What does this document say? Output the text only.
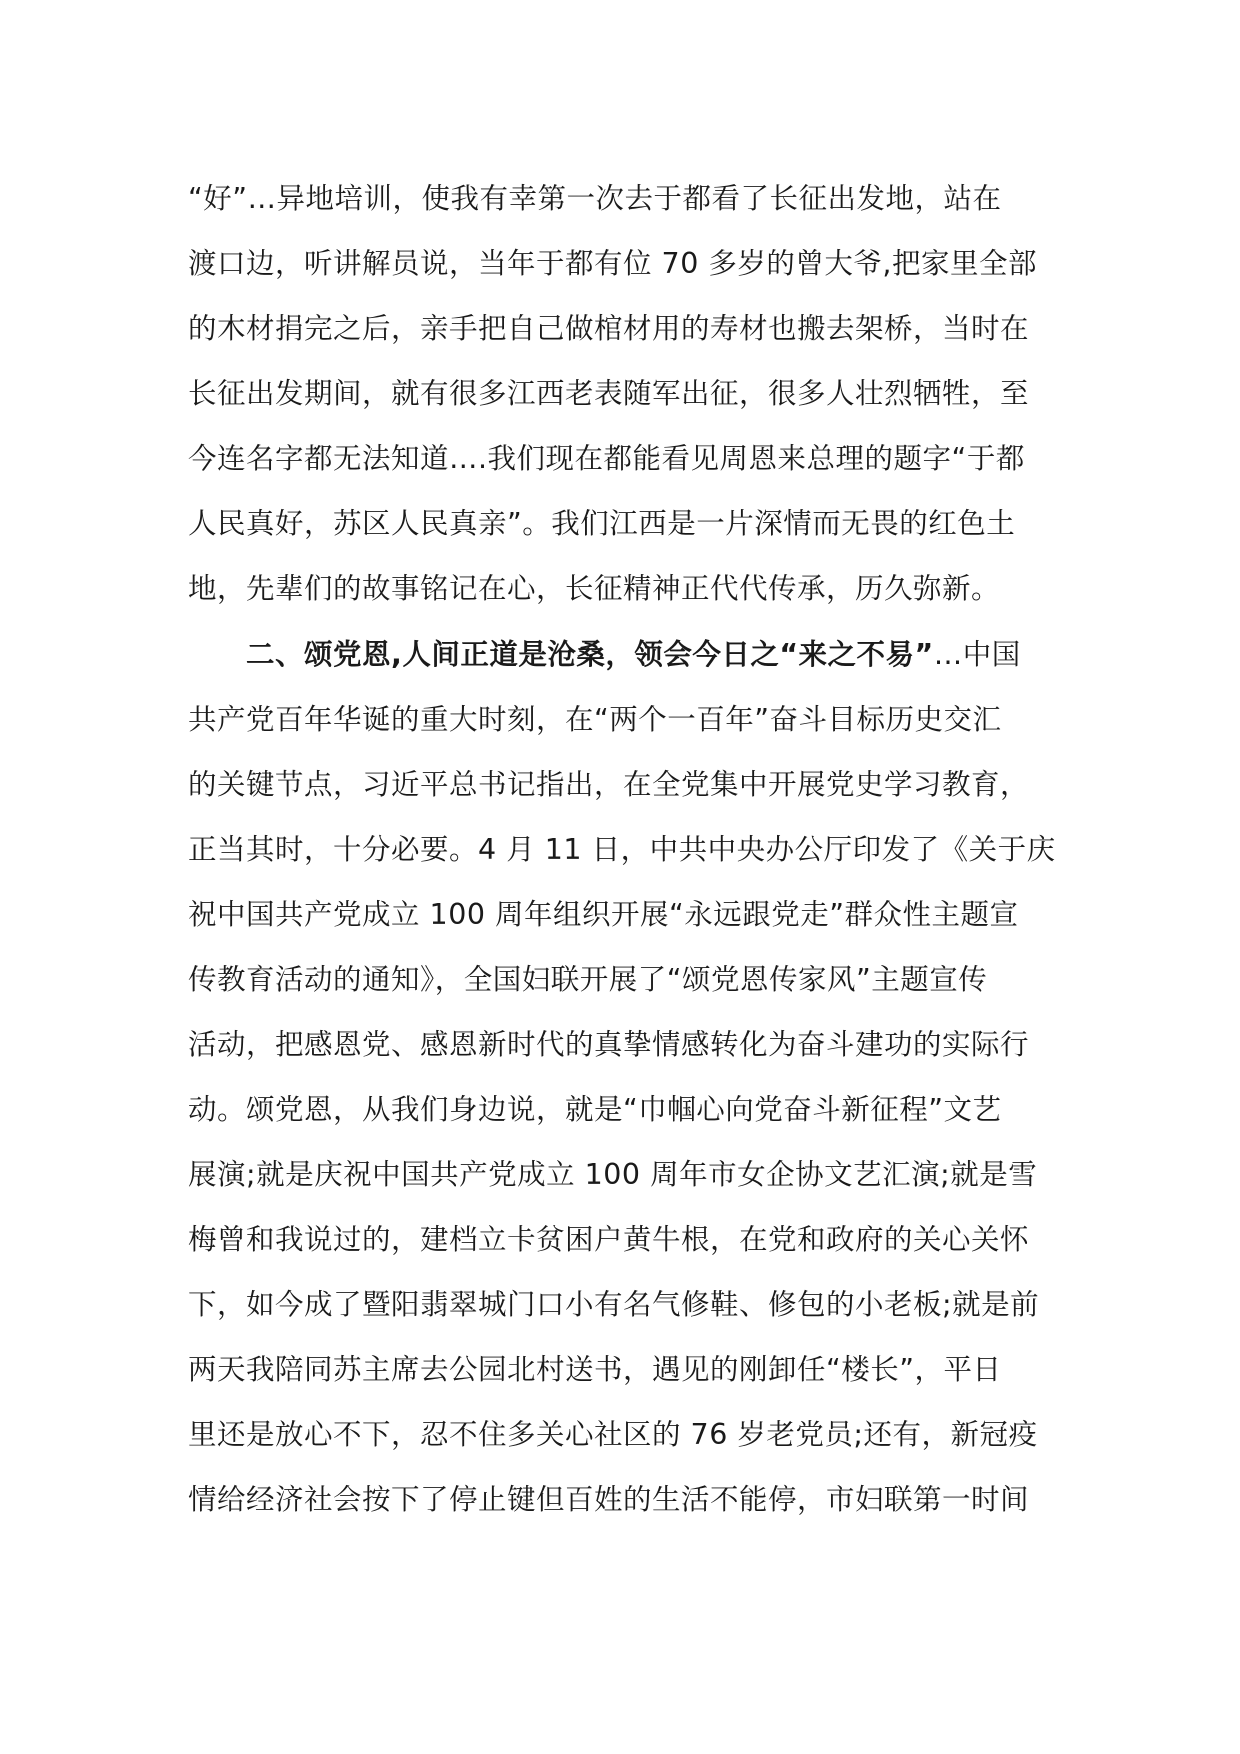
“好”…异地培训，使我有幸第一次去于都看了长征出发地，站在
渡口边，听讲解员说，当年于都有位 70 多岁的曾大爷,把家里全部
的木材捐完之后，亲手把自己做棺材用的寿材也搬去架桥，当时在
长征出发期间，就有很多江西老表随军出征，很多人壮烈牺牲，至
今连名字都无法知道….我们现在都能看见周恩来总理的题字“于都
人民真好，苏区人民真亲”。我们江西是一片深情而无畏的红色土
地，先辈们的故事铭记在心，长征精神正代代传承，历久弥新。
二、颂党恩,人间正道是沧桑，领会今日之“来之不易”…中国
共产党百年华诞的重大时刻，在“两个一百年”奋斗目标历史交汇
的关键节点，习近平总书记指出，在全党集中开展党史学习教育，
正当其时，十分必要。4 月 11 日，中共中央办公厅印发了《关于庆
祝中国共产党成立 100 周年组织开展“永远跟党走”群众性主题宣
传教育活动的通知》，全国妇联开展了“颂党恩传家风”主题宣传
活动，把感恩党、感恩新时代的真挚情感转化为奋斗建功的实际行
动。颂党恩，从我们身边说，就是“巾帼心向党奋斗新征程”文艺
展演;就是庆祝中国共产党成立 100 周年市女企协文艺汇演;就是雪
梅曾和我说过的，建档立卡贫困户黄牛根，在党和政府的关心关怀
下，如今成了暨阳翡翠城门口小有名气修鞋、修包的小老板;就是前
两天我陪同苏主席去公园北村送书，遇见的刚卸任“楼长”，平日
里还是放心不下，忍不住多关心社区的 76 岁老党员;还有，新冠疫
情给经济社会按下了停止键但百姓的生活不能停，市妇联第一时间
